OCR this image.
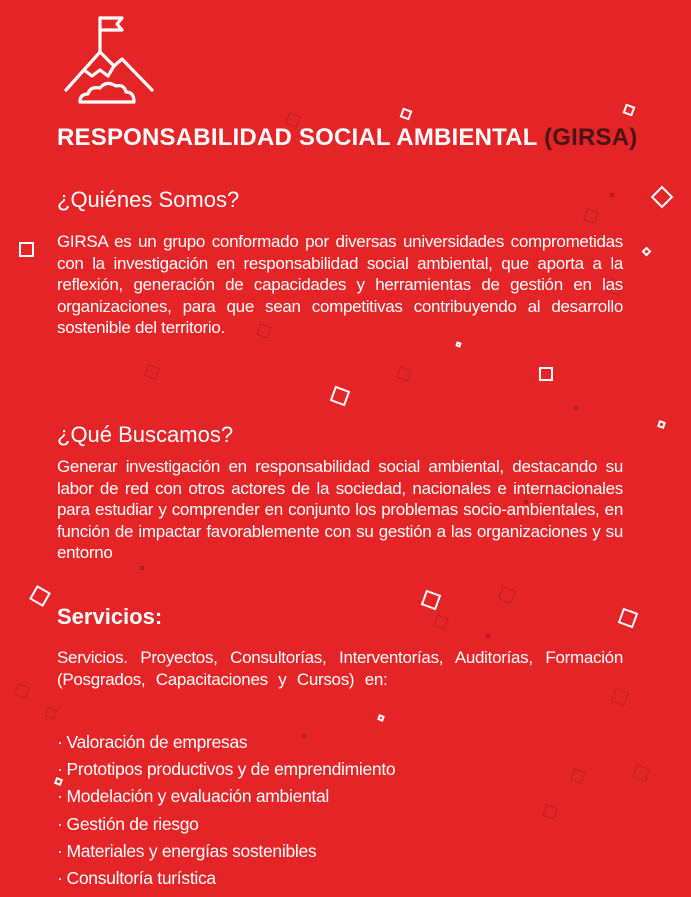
RESPONSABILIDAD SOCIAL AMBIENTAL (GIRSA)
¿Quiénes Somos?

GIRSA es un grupo conformado por diversas universidades comprometidas con la investigación en responsabilidad social ambiental, que aporta a la reflexión, generación de capacidades y herramientas de gestión en las organizaciones, para que sean competitivas contribuyendo al desarrollo sostenible del territorio.

¿Qué Buscamos?

Generar investigación en responsabilidad social ambiental, destacando su labor de red con otros actores de la sociedad, nacionales e internacionales para estudiar y comprender en conjunto los problemas socio-ambientales, en función de impactar favorablemente con su gestión a las organizaciones y su entorno

Servicios:

Servicios. Proyectos, Consultorías, Interventorías, Auditorías, Formación (Posgrados, Capacitaciones y Cursos) en:

· Valoración de empresas
· Prototipos productivos y de emprendimiento
· Modelación y evaluación ambiental
· Gestión de riesgo
· Materiales y energías sostenibles
· Consultoría turística
